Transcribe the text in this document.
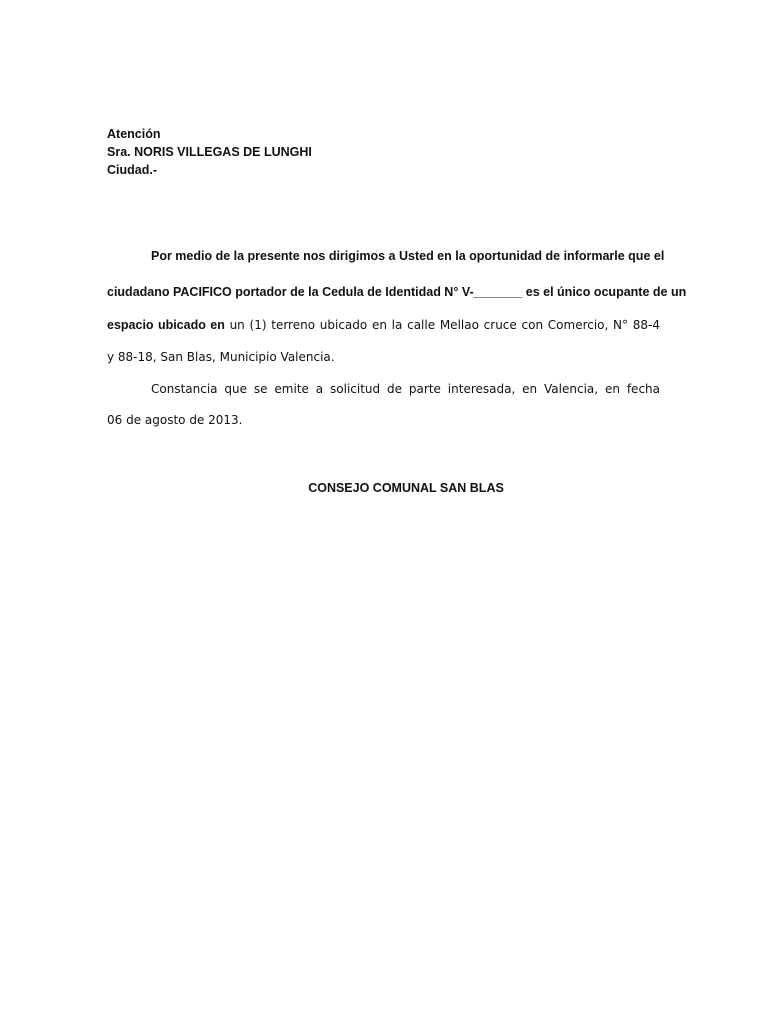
Atención
Sra. NORIS VILLEGAS DE LUNGHI
Ciudad.-
Por medio de la presente nos dirigimos a Usted en la oportunidad de informarle que el
ciudadano PACIFICO portador de la Cedula de Identidad N° V-_______ es el único ocupante de un
espacio ubicado en un (1) terreno ubicado en la calle Mellao cruce con Comercio, N° 88-4
y 88-18, San Blas, Municipio Valencia.
Constancia que se emite a solicitud de parte interesada, en Valencia, en fecha
06 de agosto de 2013.
CONSEJO COMUNAL SAN BLAS
